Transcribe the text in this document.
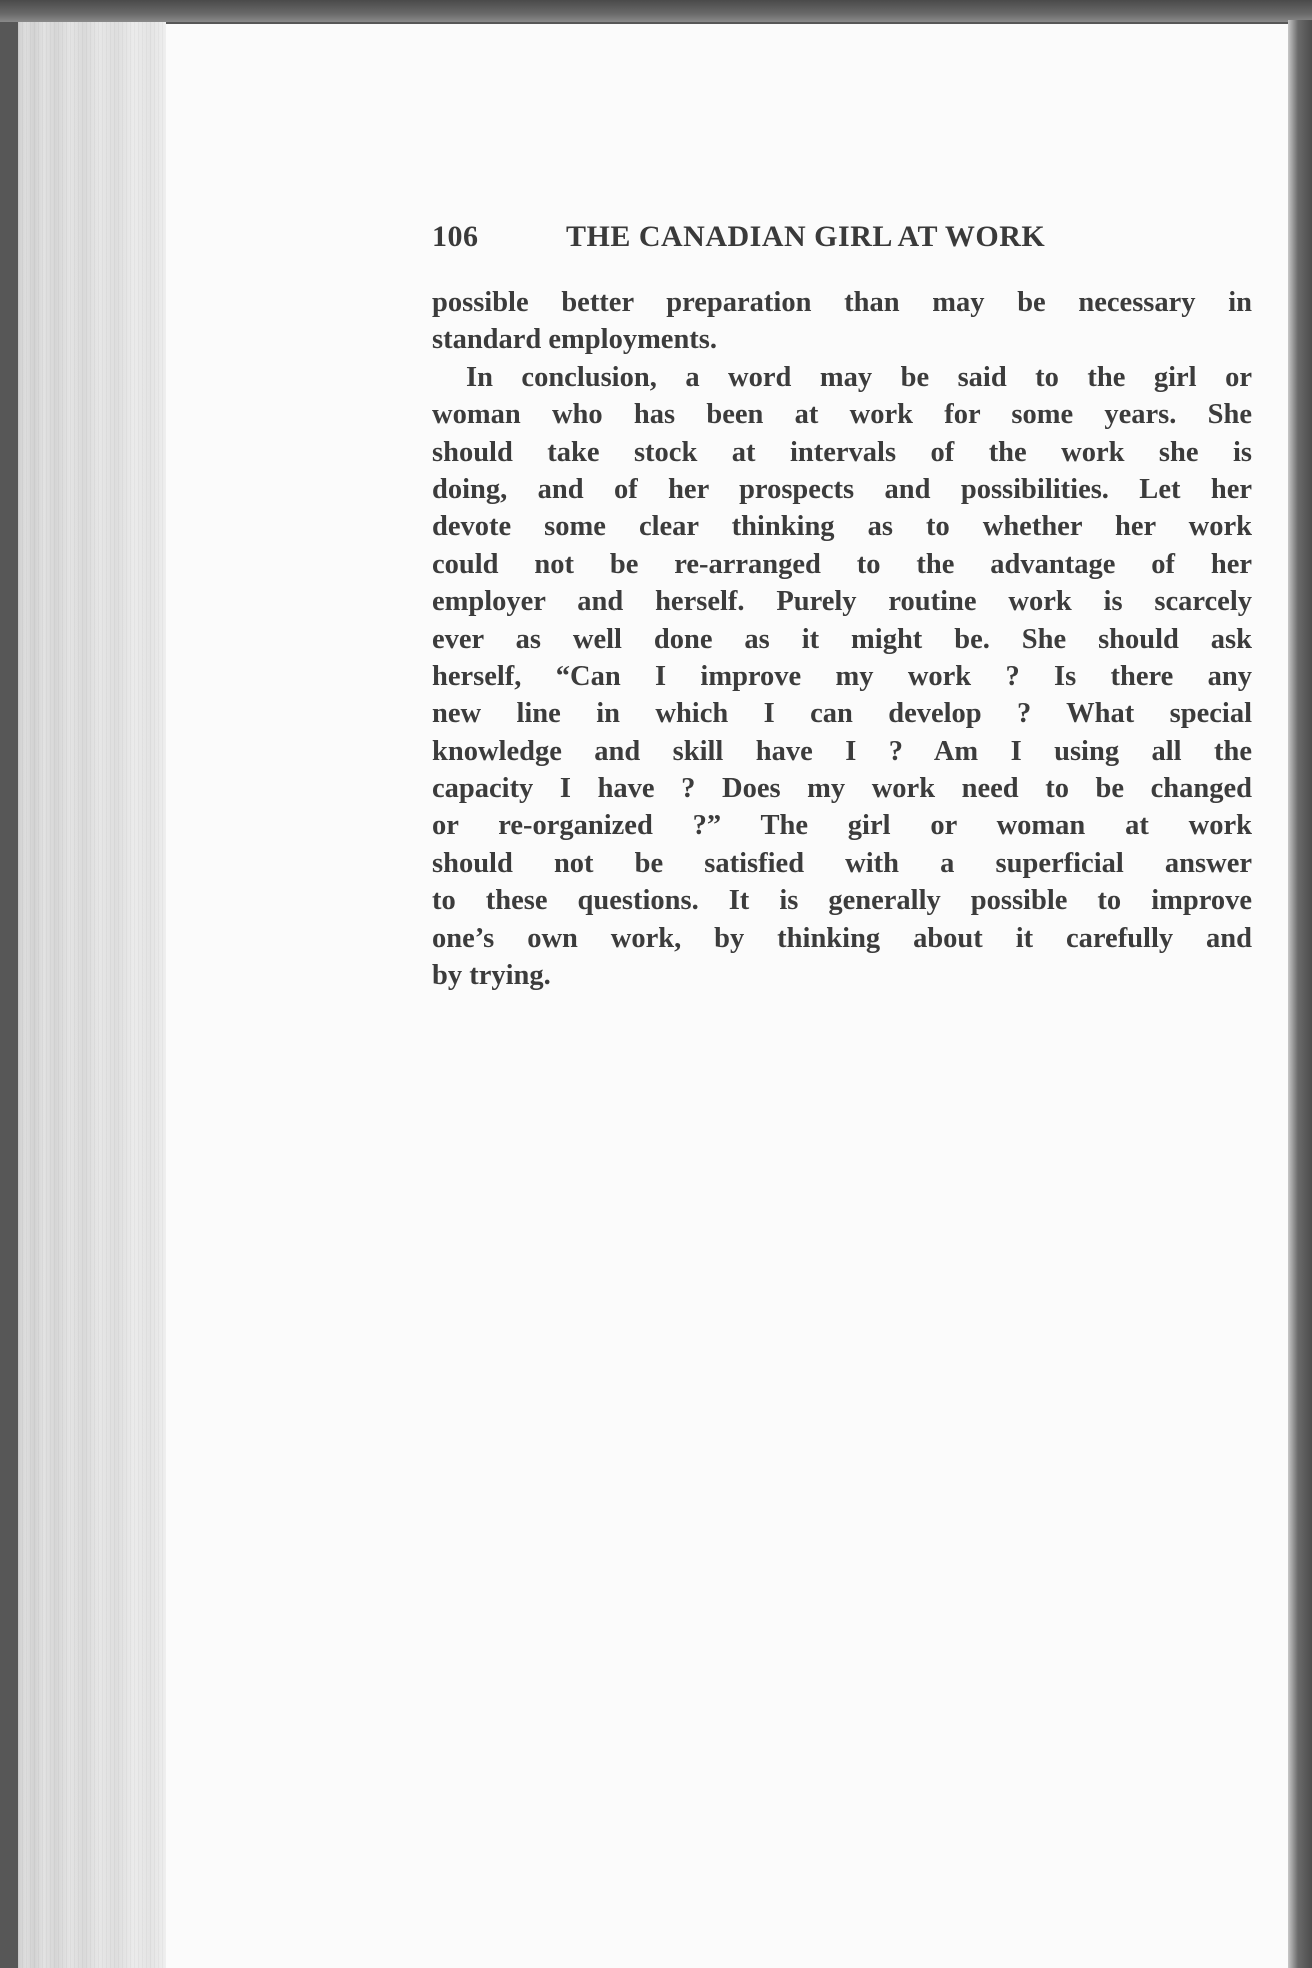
106	THE CANADIAN GIRL AT WORK
possible better preparation than may be necessary in
standard employments.
In conclusion, a word may be said to the girl or
woman who has been at work for some years. She
should take stock at intervals of the work she is
doing, and of her prospects and possibilities. Let her
devote some clear thinking as to whether her work
could not be re-arranged to the advantage of her
employer and herself. Purely routine work is scarcely
ever as well done as it might be. She should ask
herself, “Can I improve my work ? Is there any
new line in which I can develop ? What special
knowledge and skill have I ? Am I using all the
capacity I have ? Does my work need to be changed
or re-organized ?” The girl or woman at work
should not be satisfied with a superficial answer
to these questions. It is generally possible to improve
one’s own work, by thinking about it carefully and
by trying.
